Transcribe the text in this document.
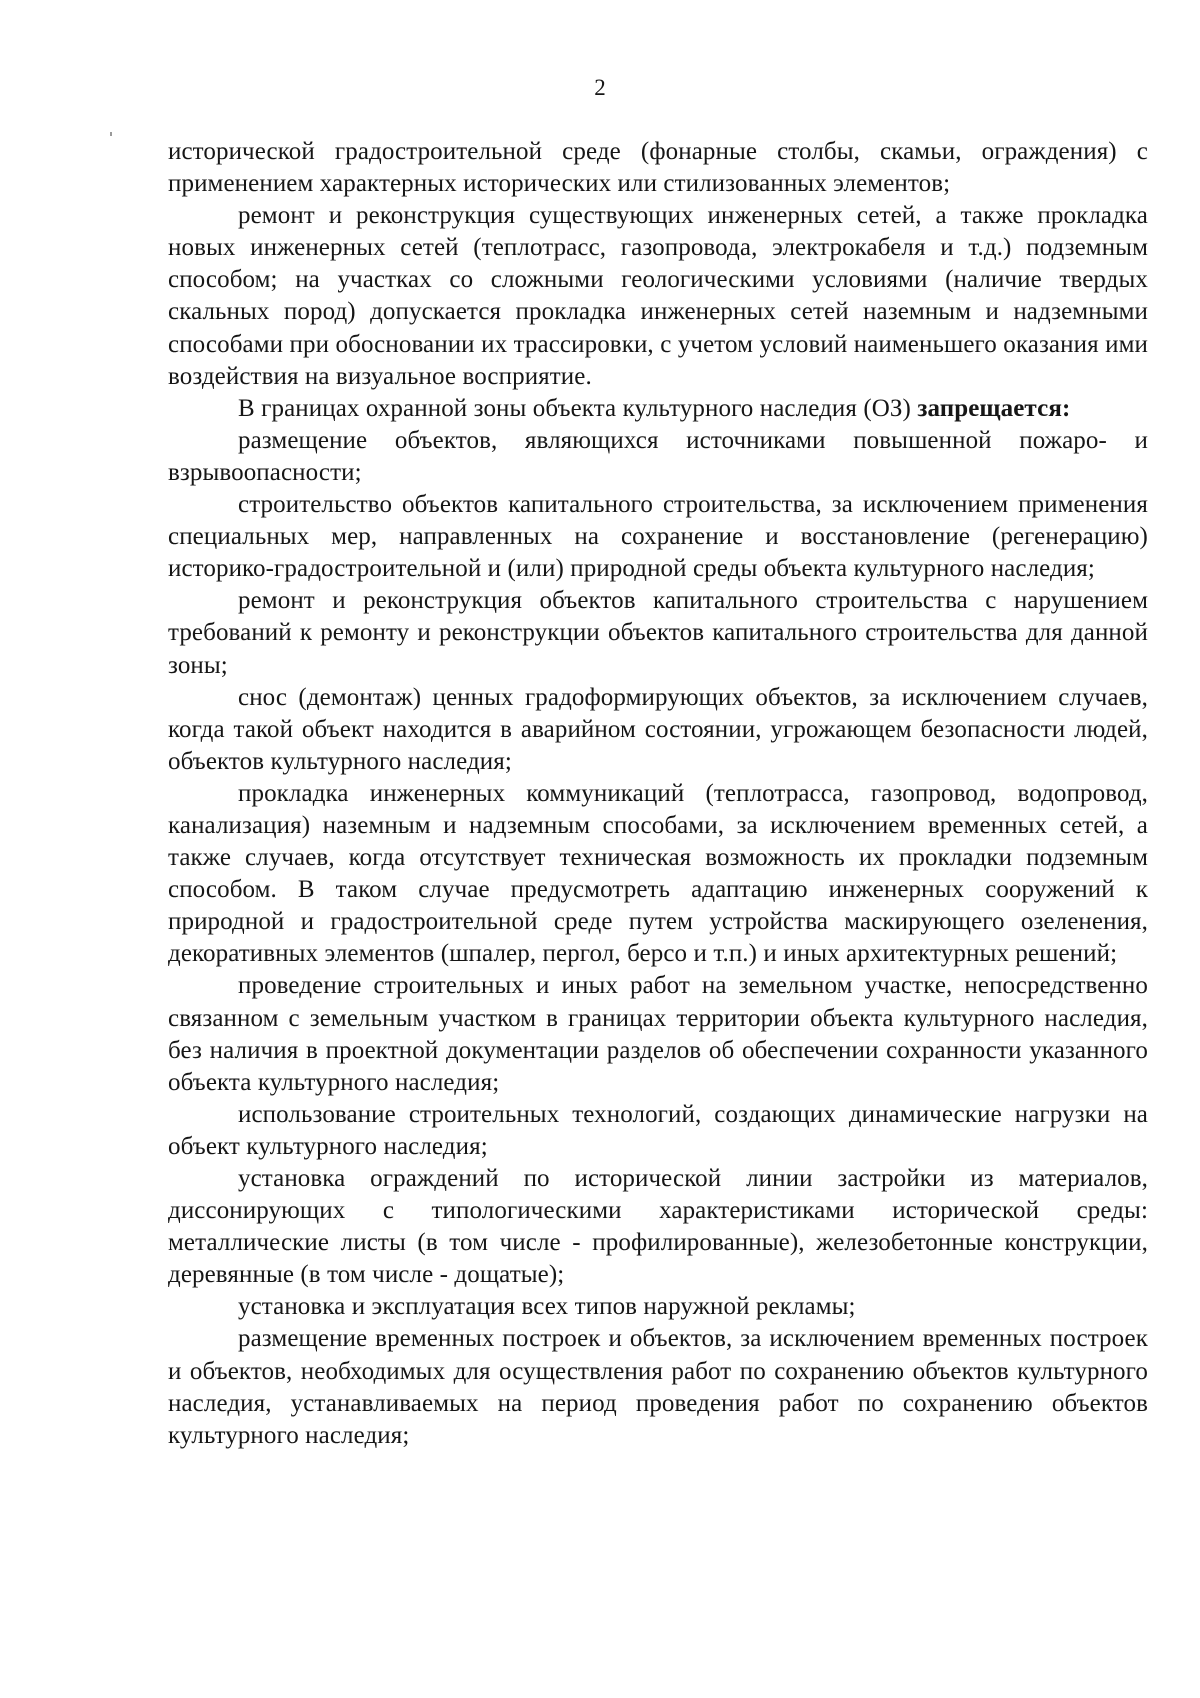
2

исторической градостроительной среде (фонарные столбы, скамьи, ограждения) с применением характерных исторических или стилизованных элементов;

ремонт и реконструкция существующих инженерных сетей, а также прокладка новых инженерных сетей (теплотрасс, газопровода, электрокабеля и т.д.) подземным способом; на участках со сложными геологическими условиями (наличие твердых скальных пород) допускается прокладка инженерных сетей наземным и надземными способами при обосновании их трассировки, с учетом условий наименьшего оказания ими воздействия на визуальное восприятие.

В границах охранной зоны объекта культурного наследия (ОЗ) запрещается:

размещение объектов, являющихся источниками повышенной пожаро- и взрывоопасности;

строительство объектов капитального строительства, за исключением применения специальных мер, направленных на сохранение и восстановление (регенерацию) историко-градостроительной и (или) природной среды объекта культурного наследия;

ремонт и реконструкция объектов капитального строительства с нарушением требований к ремонту и реконструкции объектов капитального строительства для данной зоны;

снос (демонтаж) ценных градоформирующих объектов, за исключением случаев, когда такой объект находится в аварийном состоянии, угрожающем безопасности людей, объектов культурного наследия;

прокладка инженерных коммуникаций (теплотрасса, газопровод, водопровод, канализация) наземным и надземным способами, за исключением временных сетей, а также случаев, когда отсутствует техническая возможность их прокладки подземным способом. В таком случае предусмотреть адаптацию инженерных сооружений к природной и градостроительной среде путем устройства маскирующего озеленения, декоративных элементов (шпалер, пергол, берсо и т.п.) и иных архитектурных решений;

проведение строительных и иных работ на земельном участке, непосредственно связанном с земельным участком в границах территории объекта культурного наследия, без наличия в проектной документации разделов об обеспечении сохранности указанного объекта культурного наследия;

использование строительных технологий, создающих динамические нагрузки на объект культурного наследия;

установка ограждений по исторической линии застройки из материалов, диссонирующих с типологическими характеристиками исторической среды: металлические листы (в том числе - профилированные), железобетонные конструкции, деревянные (в том числе - дощатые);

установка и эксплуатация всех типов наружной рекламы;

размещение временных построек и объектов, за исключением временных построек и объектов, необходимых для осуществления работ по сохранению объектов культурного наследия, устанавливаемых на период проведения работ по сохранению объектов культурного наследия;
